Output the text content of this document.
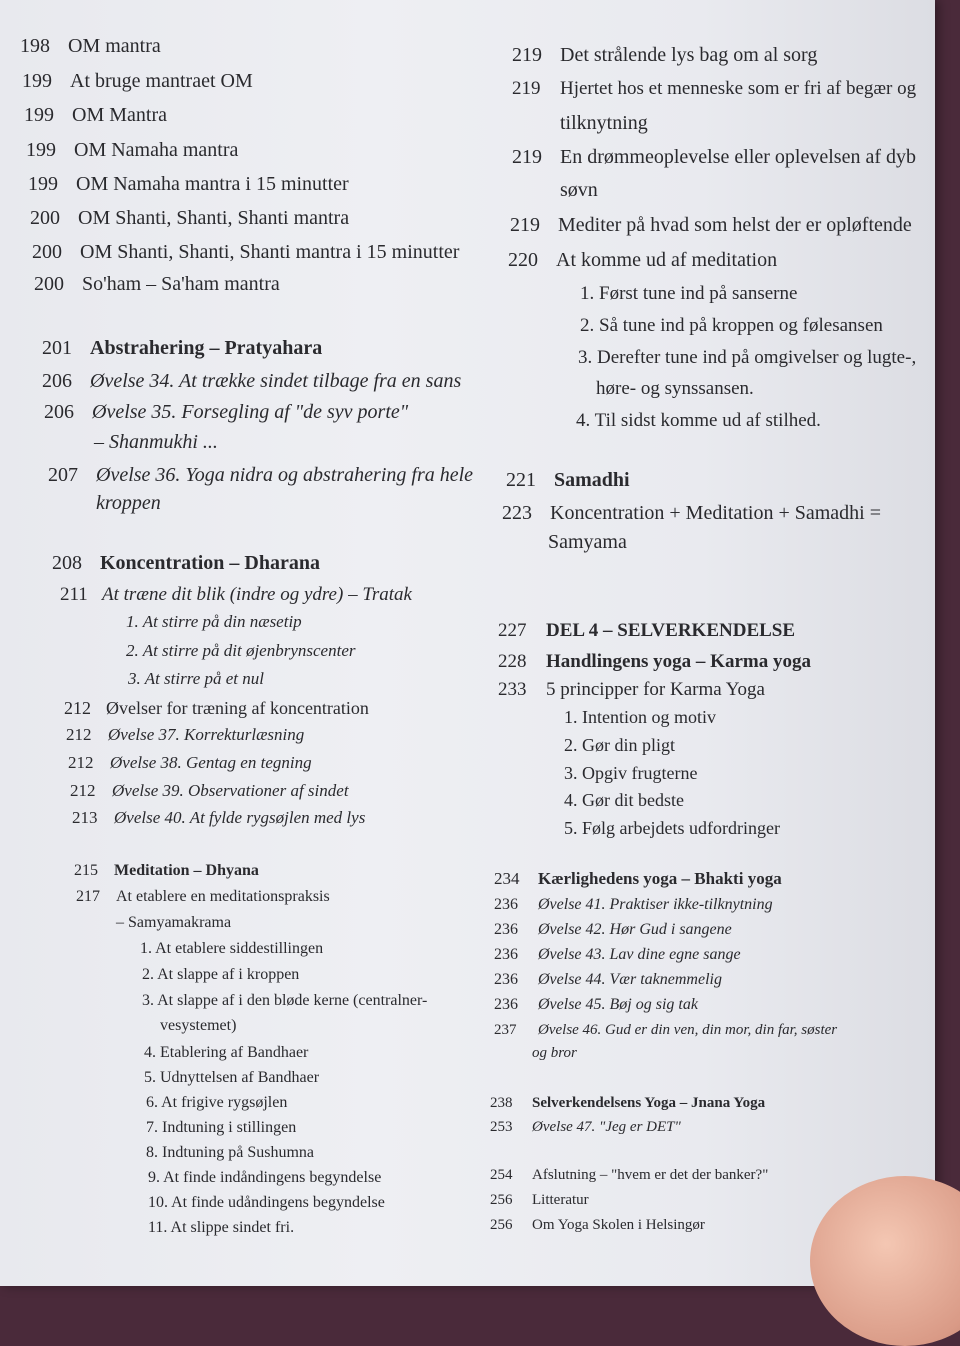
198 OM mantra
199 At bruge mantraet OM
199 OM Mantra
199 OM Namaha mantra
199 OM Namaha mantra i 15 minutter
200 OM Shanti, Shanti, Shanti mantra
200 OM Shanti, Shanti, Shanti mantra i 15 minutter
200 So'ham – Sa'ham mantra
201 Abstrahering – Pratyahara
206 Øvelse 34. At trække sindet tilbage fra en sans
206 Øvelse 35. Forsegling af "de syv porte"
– Shanmukhi ...
207 Øvelse 36. Yoga nidra og abstrahering fra hele
kroppen
208 Koncentration – Dharana
211 At træne dit blik (indre og ydre) – Tratak
1. At stirre på din næsetip
2. At stirre på dit øjenbrynscenter
3. At stirre på et nul
212 Øvelser for træning af koncentration
212 Øvelse 37. Korrekturlæsning
212 Øvelse 38. Gentag en tegning
212 Øvelse 39. Observationer af sindet
213 Øvelse 40. At fylde rygsøjlen med lys
215 Meditation – Dhyana
217 At etablere en meditationspraksis
– Samyamakrama
1. At etablere siddestillingen
2. At slappe af i kroppen
3. At slappe af i den bløde kerne (centralner-
vesystemet)
4. Etablering af Bandhaer
5. Udnyttelsen af Bandhaer
6. At frigive rygsøjlen
7. Indtuning i stillingen
8. Indtuning på Sushumna
9. At finde indåndingens begyndelse
10. At finde udåndingens begyndelse
11. At slippe sindet fri.
219 Det strålende lys bag om al sorg
219 Hjertet hos et menneske som er fri af begær og
tilknytning
219 En drømmeoplevelse eller oplevelsen af dyb
søvn
219 Mediter på hvad som helst der er opløftende
220 At komme ud af meditation
1. Først tune ind på sanserne
2. Så tune ind på kroppen og følesansen
3. Derefter tune ind på omgivelser og lugte-,
høre- og synssansen.
4. Til sidst komme ud af stilhed.
221 Samadhi
223 Koncentration + Meditation + Samadhi =
Samyama
227 DEL 4 – SELVERKENDELSE
228 Handlingens yoga – Karma yoga
233 5 principper for Karma Yoga
1. Intention og motiv
2. Gør din pligt
3. Opgiv frugterne
4. Gør dit bedste
5. Følg arbejdets udfordringer
234 Kærlighedens yoga – Bhakti yoga
236 Øvelse 41. Praktiser ikke-tilknytning
236 Øvelse 42. Hør Gud i sangene
236 Øvelse 43. Lav dine egne sange
236 Øvelse 44. Vær taknemmelig
236 Øvelse 45. Bøj og sig tak
237 Øvelse 46. Gud er din ven, din mor, din far, søster
og bror
238 Selverkendelsens Yoga – Jnana Yoga
253 Øvelse 47. "Jeg er DET"
254 Afslutning – "hvem er det der banker?"
256 Litteratur
256 Om Yoga Skolen i Helsingør
